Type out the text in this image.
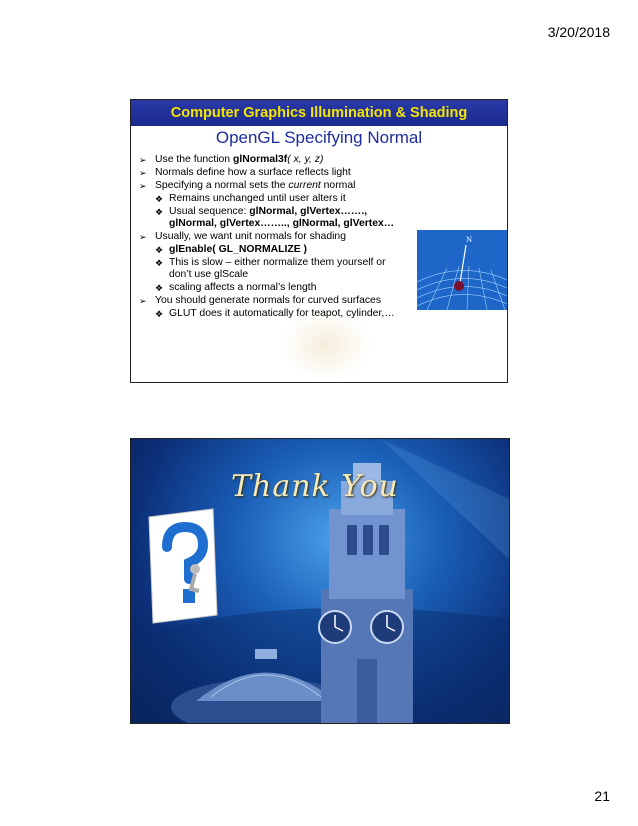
3/20/2018
Computer Graphics Illumination & Shading
OpenGL Specifying Normal
➢ Use the function glNormal3f( x, y, z)
➢ Normals define how a surface reflects light
➢ Specifying a normal sets the current normal
❖ Remains unchanged until user alters it
❖ Usual sequence: glNormal, glVertex…….,
glNormal, glVertex…….., glNormal, glVertex…
➢ Usually, we want unit normals for shading
❖ glEnable( GL_NORMALIZE )
❖ This is slow – either normalize them yourself or
don’t use glScale
❖ scaling affects a normal’s length
➢ You should generate normals for curved surfaces
❖ GLUT does it automatically for teapot, cylinder,…
N
Thank You
21
